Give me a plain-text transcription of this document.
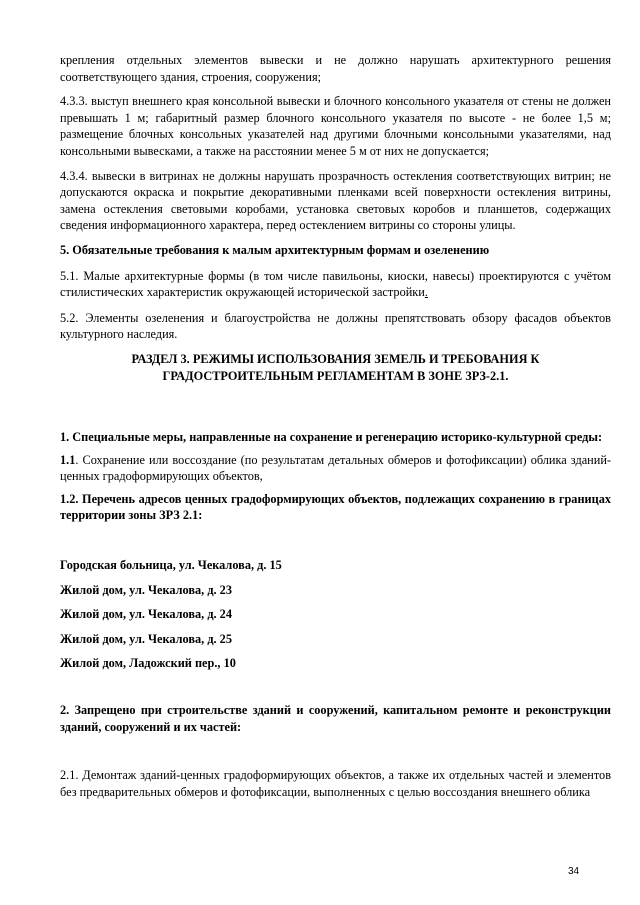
крепления отдельных элементов вывески и не должно нарушать архитектурного решения соответствующего здания, строения, сооружения;

4.3.3. выступ внешнего края консольной вывески и блочного консольного указателя от стены не должен превышать 1 м; габаритный размер блочного консольного указателя по высоте - не более 1,5 м; размещение блочных консольных указателей над другими блочными консольными указателями, над консольными вывесками, а также на расстоянии менее 5 м от них не допускается;

4.3.4. вывески в витринах не должны нарушать прозрачность остекления соответствующих витрин; не допускаются окраска и покрытие декоративными пленками всей поверхности остекления витрины, замена остекления световыми коробами, установка световых коробов и планшетов, содержащих сведения информационного характера, перед остеклением витрины со стороны улицы.

5. Обязательные требования к малым архитектурным формам и озеленению

5.1. Малые архитектурные формы (в том числе павильоны, киоски, навесы) проектируются с учётом стилистических характеристик окружающей исторической застройки.

5.2. Элементы озеленения и благоустройства не должны препятствовать обзору фасадов объектов культурного наследия.

РАЗДЕЛ 3. РЕЖИМЫ ИСПОЛЬЗОВАНИЯ ЗЕМЕЛЬ И ТРЕБОВАНИЯ К ГРАДОСТРОИТЕЛЬНЫМ РЕГЛАМЕНТАМ В ЗОНЕ ЗРЗ-2.1.

1. Специальные меры, направленные на сохранение и регенерацию историко-культурной среды:

1.1. Сохранение или воссоздание (по результатам детальных обмеров и фотофиксации) облика зданий-ценных градоформирующих объектов,

1.2. Перечень адресов ценных градоформирующих объектов, подлежащих сохранению в границах территории зоны ЗРЗ 2.1:

Городская больница, ул. Чекалова, д. 15

Жилой дом, ул. Чекалова, д. 23

Жилой дом, ул. Чекалова, д. 24

Жилой дом, ул. Чекалова, д. 25

Жилой дом, Ладожский пер., 10

2. Запрещено при строительстве зданий и сооружений, капитальном ремонте и реконструкции зданий, сооружений и их частей:

2.1. Демонтаж зданий-ценных градоформирующих объектов, а также их отдельных частей и элементов без предварительных обмеров и фотофиксации, выполненных с целью воссоздания внешнего облика

34
